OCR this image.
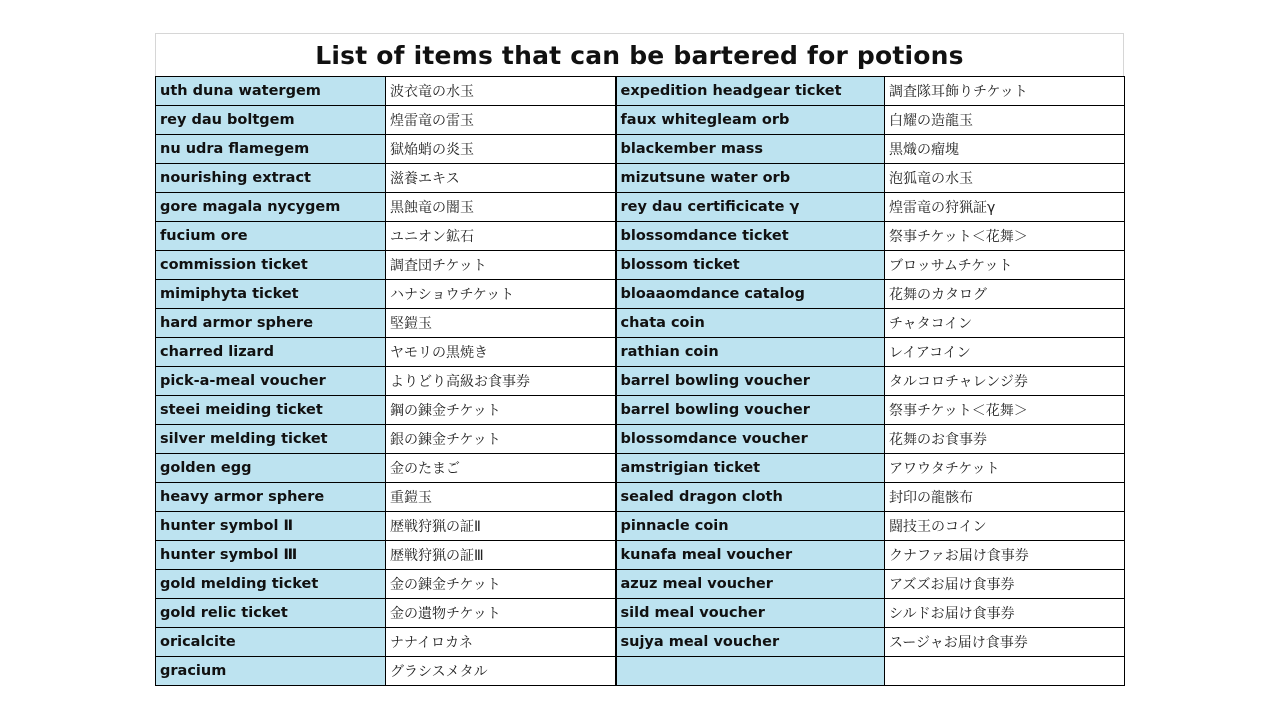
List of items that can be bartered for potions
uth duna watergem	波衣竜の水玉	expedition headgear ticket	調査隊耳飾りチケット
rey dau boltgem	煌雷竜の雷玉	faux whitegleam orb	白耀の造龍玉
nu udra flamegem	獄焔蛸の炎玉	blackember mass	黒熾の瘤塊
nourishing extract	滋養エキス	mizutsune water orb	泡狐竜の水玉
gore magala nycygem	黒蝕竜の闇玉	rey dau certificicate γ	煌雷竜の狩猟証γ
fucium ore	ユニオン鉱石	blossomdance ticket	祭事チケット＜花舞＞
commission ticket	調査団チケット	blossom ticket	ブロッサムチケット
mimiphyta ticket	ハナショウチケット	bloaaomdance catalog	花舞のカタログ
hard armor sphere	堅鎧玉	chata coin	チャタコイン
charred lizard	ヤモリの黒焼き	rathian coin	レイアコイン
pick-a-meal voucher	よりどり高級お食事券	barrel bowling voucher	タルコロチャレンジ券
steei meiding ticket	鋼の錬金チケット	barrel bowling voucher	祭事チケット＜花舞＞
silver melding ticket	銀の錬金チケット	blossomdance voucher	花舞のお食事券
golden egg	金のたまご	amstrigian ticket	アワウタチケット
heavy armor sphere	重鎧玉	sealed dragon cloth	封印の龍骸布
hunter symbol Ⅱ	歴戦狩猟の証Ⅱ	pinnacle coin	闘技王のコイン
hunter symbol Ⅲ	歴戦狩猟の証Ⅲ	kunafa meal voucher	クナファお届け食事券
gold melding ticket	金の錬金チケット	azuz meal voucher	アズズお届け食事券
gold relic ticket	金の遺物チケット	sild meal voucher	シルドお届け食事券
oricalcite	ナナイロカネ	sujya meal voucher	スージャお届け食事券
gracium	グラシスメタル		
